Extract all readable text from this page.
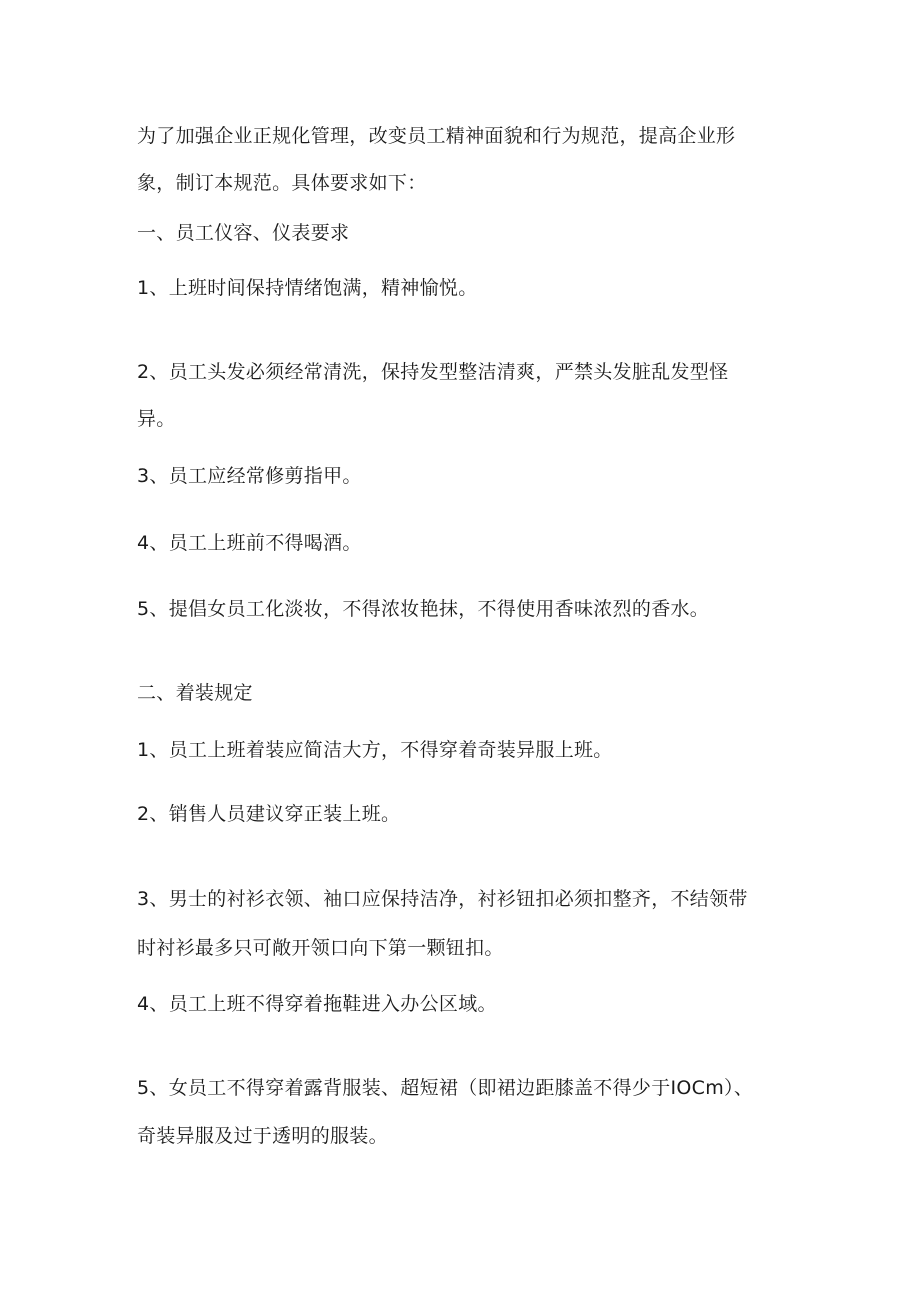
为了加强企业正规化管理，改变员工精神面貌和行为规范，提高企业形
象，制订本规范。具体要求如下：
一、员工仪容、仪表要求
1、上班时间保持情绪饱满，精神愉悦。
2、员工头发必须经常清洗，保持发型整洁清爽，严禁头发脏乱发型怪
异。
3、员工应经常修剪指甲。
4、员工上班前不得喝酒。
5、提倡女员工化淡妆，不得浓妆艳抹，不得使用香味浓烈的香水。
二、着装规定
1、员工上班着装应简洁大方，不得穿着奇装异服上班。
2、销售人员建议穿正装上班。
3、男士的衬衫衣领、袖口应保持洁净，衬衫钮扣必须扣整齐，不结领带
时衬衫最多只可敞开领口向下第一颗钮扣。
4、员工上班不得穿着拖鞋进入办公区域。
5、女员工不得穿着露背服装、超短裙（即裙边距膝盖不得少于IOCm）、
奇装异服及过于透明的服装。
